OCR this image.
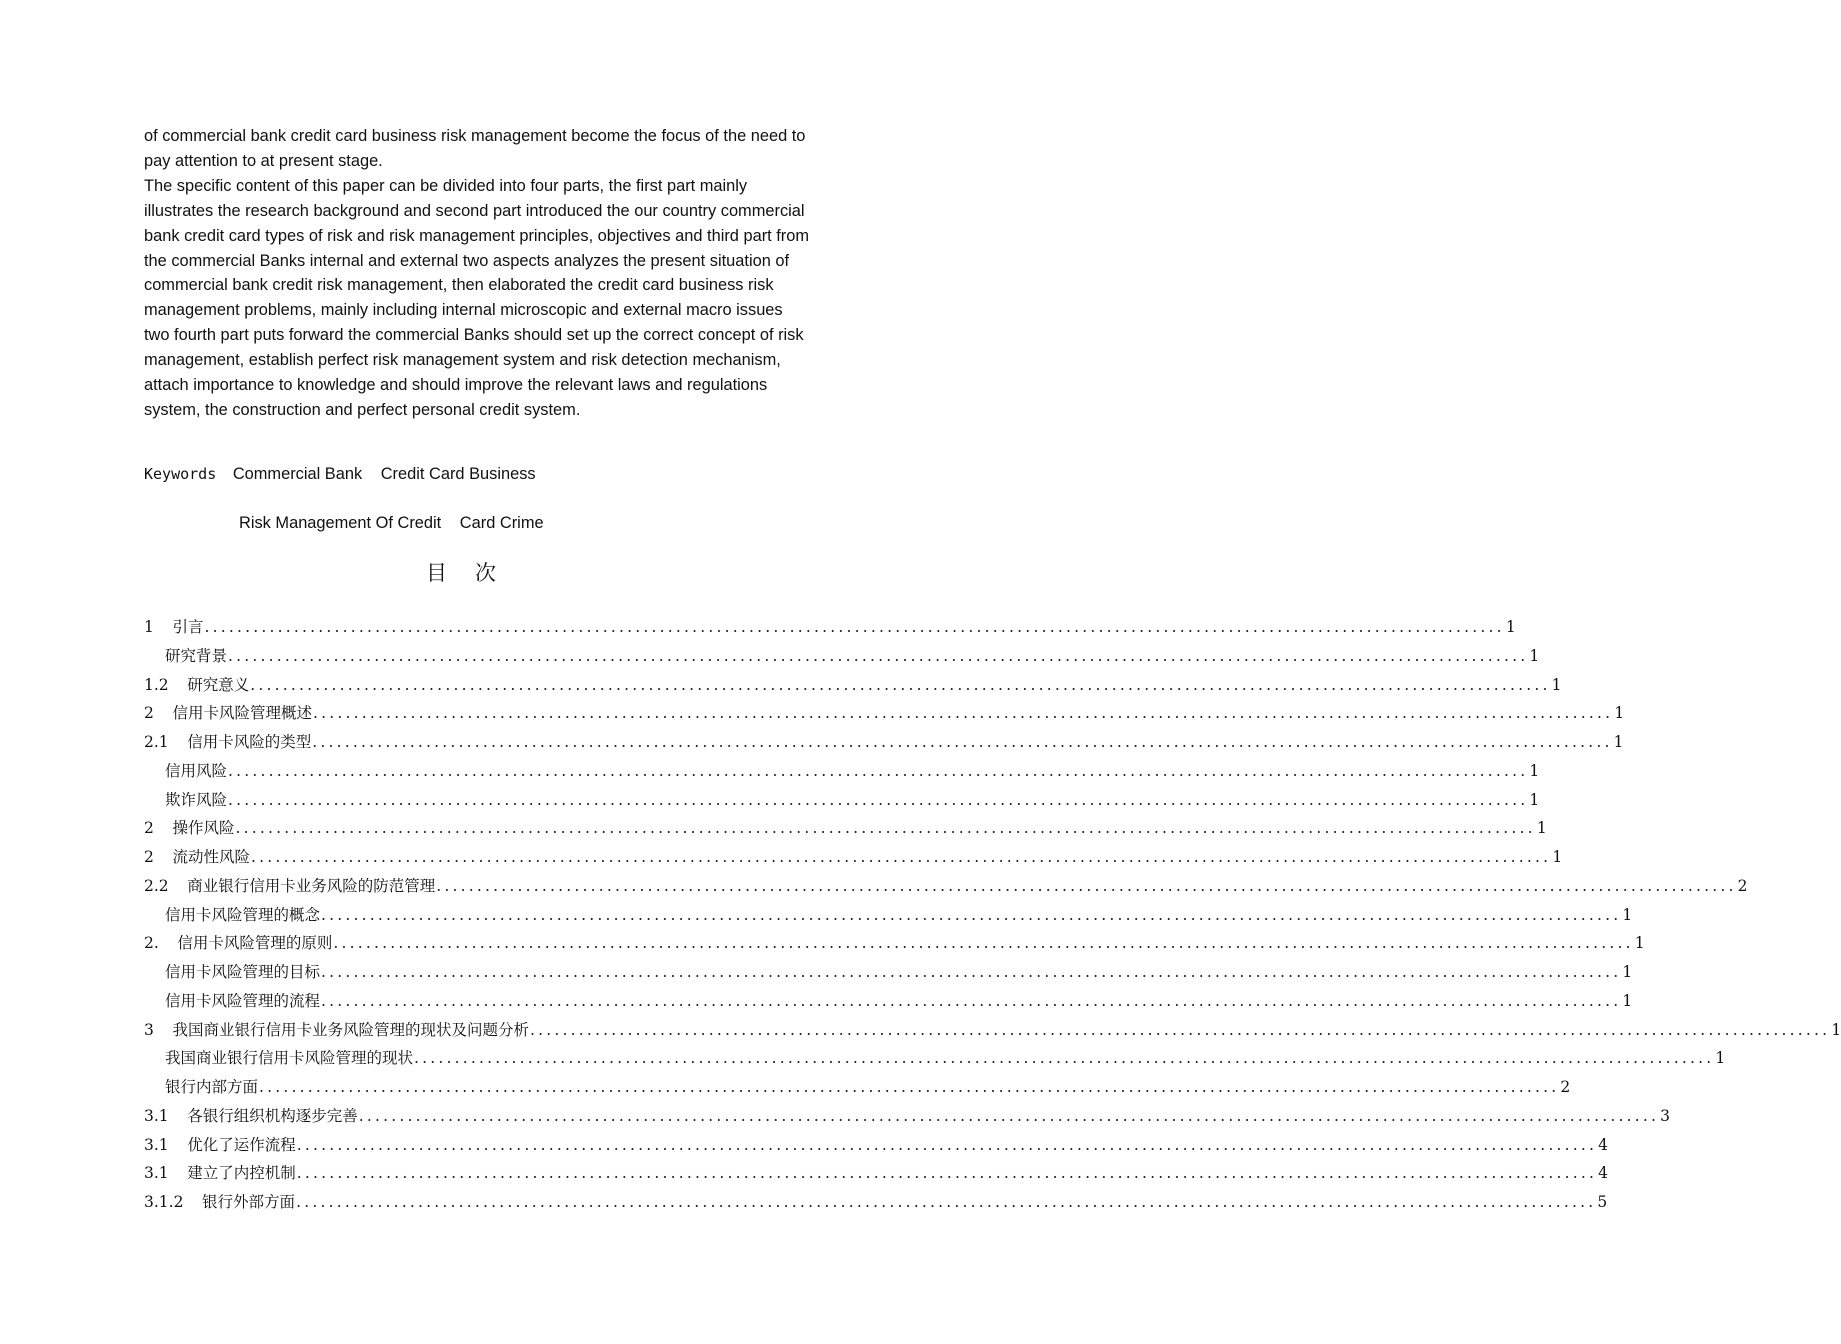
of commercial bank credit card business risk management become the focus of the need to pay attention to at present stage.

The specific content of this paper can be divided into four parts, the first part mainly illustrates the research background and second part introduced the our country commercial bank credit card types of risk and risk management principles, objectives and third part from the commercial Banks internal and external two aspects analyzes the present situation of commercial bank credit risk management, then elaborated the credit card business risk management problems, mainly including internal microscopic and external macro issues two fourth part puts forward the commercial Banks should set up the correct concept of risk management, establish perfect risk management system and risk detection mechanism, attach importance to knowledge and should improve the relevant laws and regulations system, the construction and perfect personal credit system.

Keywords Commercial Bank Credit Card Business
Risk Management Of Credit Card Crime
目次
1 引言 ................................................................................................................................................................ 1
研究背景 ................................................................................................................................................................ 1
1.2 研究意义 ................................................................................................................................................................ 1
2 信用卡风险管理概述 ................................................................................................................................................................ 1
2.1 信用卡风险的类型 ................................................................................................................................................................ 1
信用风险 ................................................................................................................................................................ 1
欺诈风险 ................................................................................................................................................................ 1
2 操作风险 ................................................................................................................................................................ 1
2 流动性风险 ................................................................................................................................................................ 1
2.2 商业银行信用卡业务风险的防范管理 ................................................................................................................................................................ 2
信用卡风险管理的概念 ................................................................................................................................................................ 1
2. 信用卡风险管理的原则 ................................................................................................................................................................ 1
信用卡风险管理的目标 ................................................................................................................................................................ 1
信用卡风险管理的流程 ................................................................................................................................................................ 1
3 我国商业银行信用卡业务风险管理的现状及问题分析 ................................................................................................................................................................ 1
我国商业银行信用卡风险管理的现状 ................................................................................................................................................................ 1
银行内部方面 ................................................................................................................................................................ 2
3.1 各银行组织机构逐步完善 ................................................................................................................................................................ 3
3.1 优化了运作流程 ................................................................................................................................................................ 4
3.1 建立了内控机制 ................................................................................................................................................................ 4
3.1.2 银行外部方面 ................................................................................................................................................................ 5
